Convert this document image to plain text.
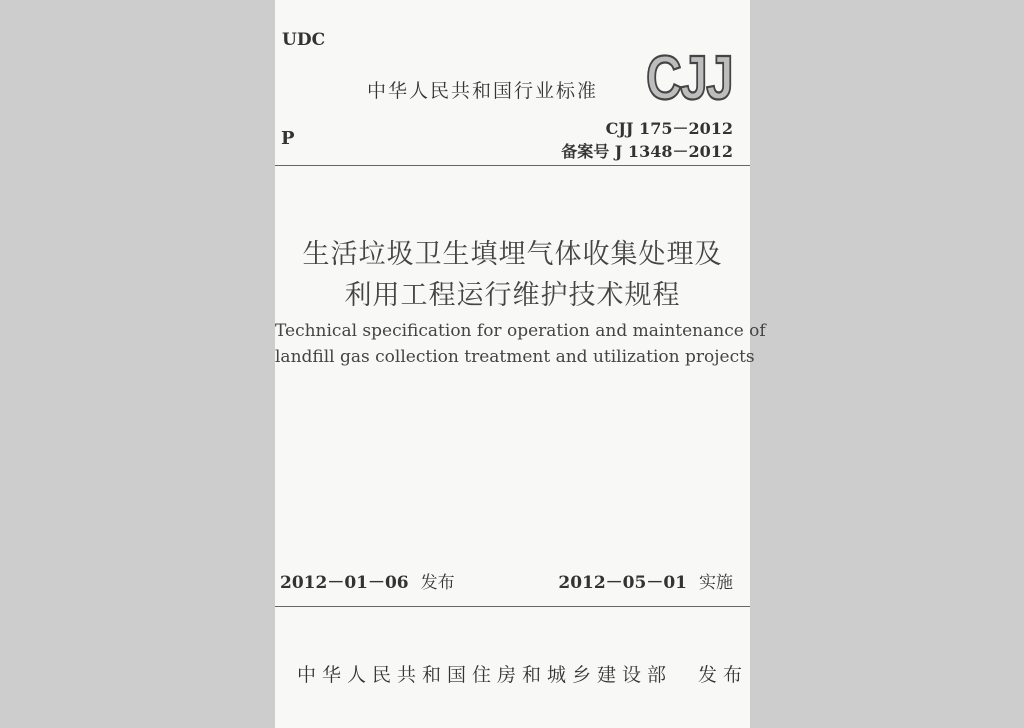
UDC
中华人民共和国行业标准 CJJ
P	CJJ 175－2012
备案号 J 1348－2012
生活垃圾卫生填埋气体收集处理及
利用工程运行维护技术规程
Technical specification for operation and maintenance of
landfill gas collection treatment and utilization projects
2012－01－06 发布	2012－05－01 实施
中华人民共和国住房和城乡建设部 发布
